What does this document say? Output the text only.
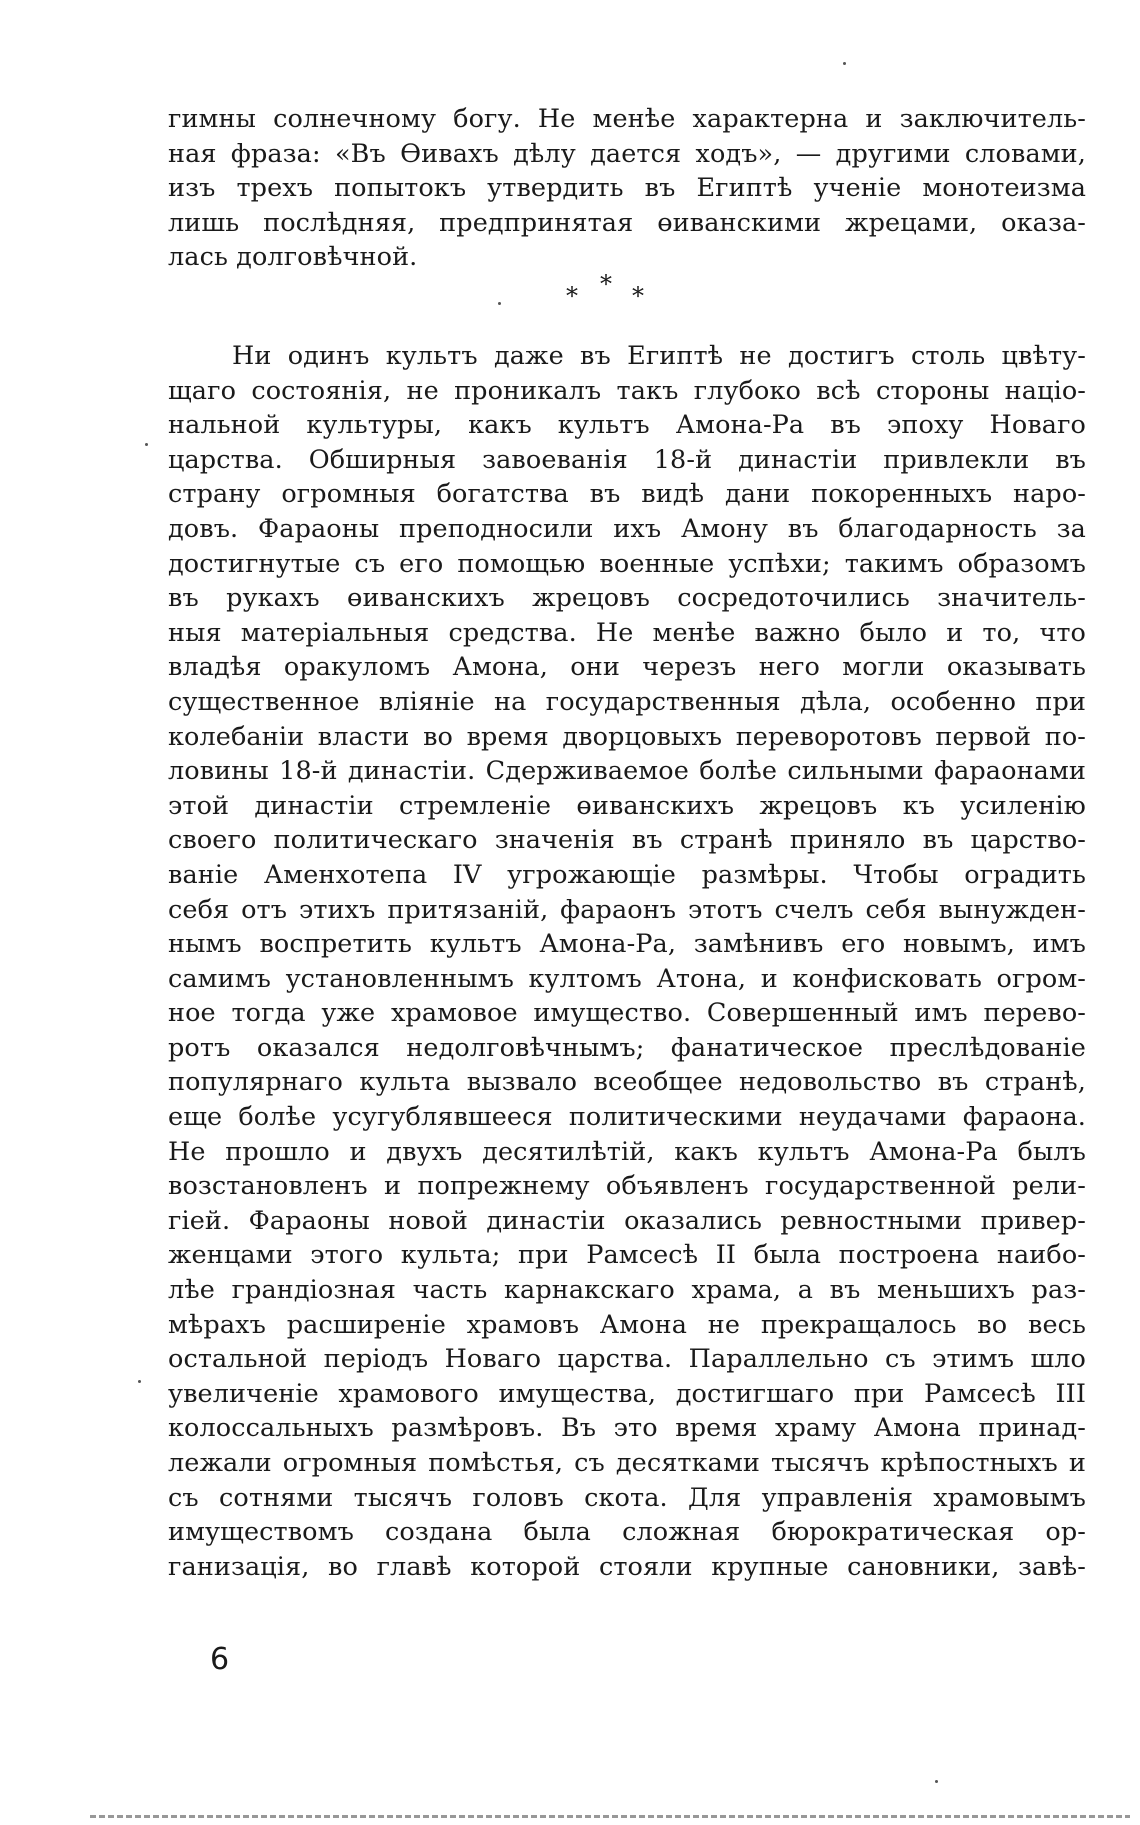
гимны солнечному богу. Не менѣе характерна и заключитель-
ная фраза: «Въ Өивахъ дѣлу дается ходъ», — другими словами,
изъ трехъ попытокъ утвердить въ Египтѣ ученіе монотеизма
лишь послѣдняя, предпринятая өиванскими жрецами, оказа-
лась долговѣчной.
* * *
Ни одинъ культъ даже въ Египтѣ не достигъ столь цвѣту-
щаго состоянія, не проникалъ такъ глубоко всѣ стороны націо-
нальной культуры, какъ культъ Амона-Ра въ эпоху Новаго
царства. Обширныя завоеванія 18-й династіи привлекли въ
страну огромныя богатства въ видѣ дани покоренныхъ наро-
довъ. Фараоны преподносили ихъ Амону въ благодарность за
достигнутые съ его помощью военные успѣхи; такимъ образомъ
въ рукахъ өиванскихъ жрецовъ сосредоточились значитель-
ныя матеріальныя средства. Не менѣе важно было и то, что
владѣя оракуломъ Амона, они черезъ него могли оказывать
существенное вліяніе на государственныя дѣла, особенно при
колебаніи власти во время дворцовыхъ переворотовъ первой по-
ловины 18-й династіи. Сдерживаемое болѣе сильными фараонами
этой династіи стремленіе өиванскихъ жрецовъ къ усиленію
своего политическаго значенія въ странѣ приняло въ царство-
ваніе Аменхотепа IV угрожающіе размѣры. Чтобы оградить
себя отъ этихъ притязаній, фараонъ этотъ счелъ себя вынужден-
нымъ воспретить культъ Амона-Ра, замѣнивъ его новымъ, имъ
самимъ установленнымъ култомъ Атона, и конфисковать огром-
ное тогда уже храмовое имущество. Совершенный имъ перево-
ротъ оказался недолговѣчнымъ; фанатическое преслѣдованіе
популярнаго культа вызвало всеобщее недовольство въ странѣ,
еще болѣе усугублявшееся политическими неудачами фараона.
Не прошло и двухъ десятилѣтій, какъ культъ Амона-Ра былъ
возстановленъ и попрежнему объявленъ государственной рели-
гіей. Фараоны новой династіи оказались ревностными привер-
женцами этого культа; при Рамсесѣ II была построена наибо-
лѣе грандіозная часть карнакскаго храма, а въ меньшихъ раз-
мѣрахъ расширеніе храмовъ Амона не прекращалось во весь
остальной періодъ Новаго царства. Параллельно съ этимъ шло
увеличеніе храмового имущества, достигшаго при Рамсесѣ III
колоссальныхъ размѣровъ. Въ это время храму Амона принад-
лежали огромныя помѣстья, съ десятками тысячъ крѣпостныхъ и
съ сотнями тысячъ головъ скота. Для управленія храмовымъ
имуществомъ создана была сложная бюрократическая ор-
ганизація, во главѣ которой стояли крупные сановники, завѣ-
6
